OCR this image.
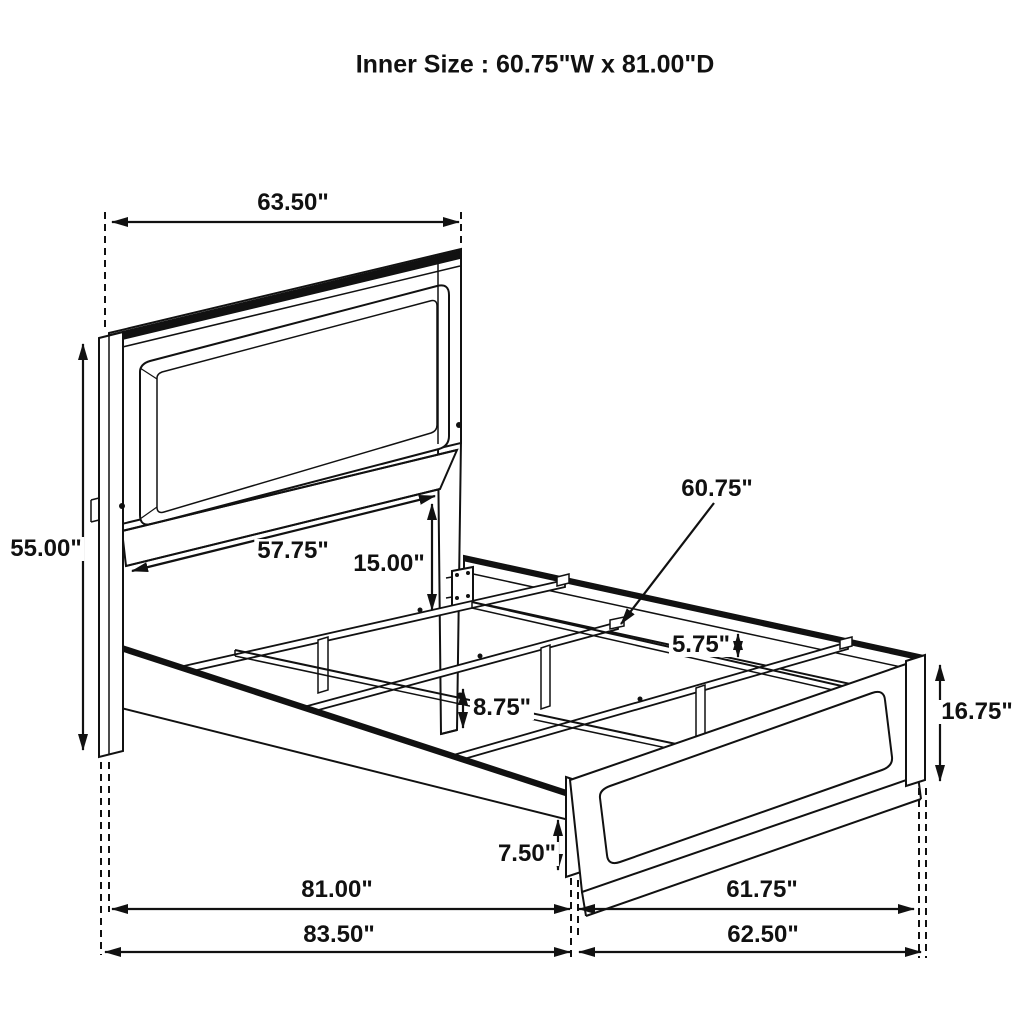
Inner Size : 60.75"W x 81.00"D
63.50"
55.00"	57.75" 15.00"
60.75"
5.75"
8.75"	16.75"
7.50"
81.00"	61.75"
83.50"	62.50"
